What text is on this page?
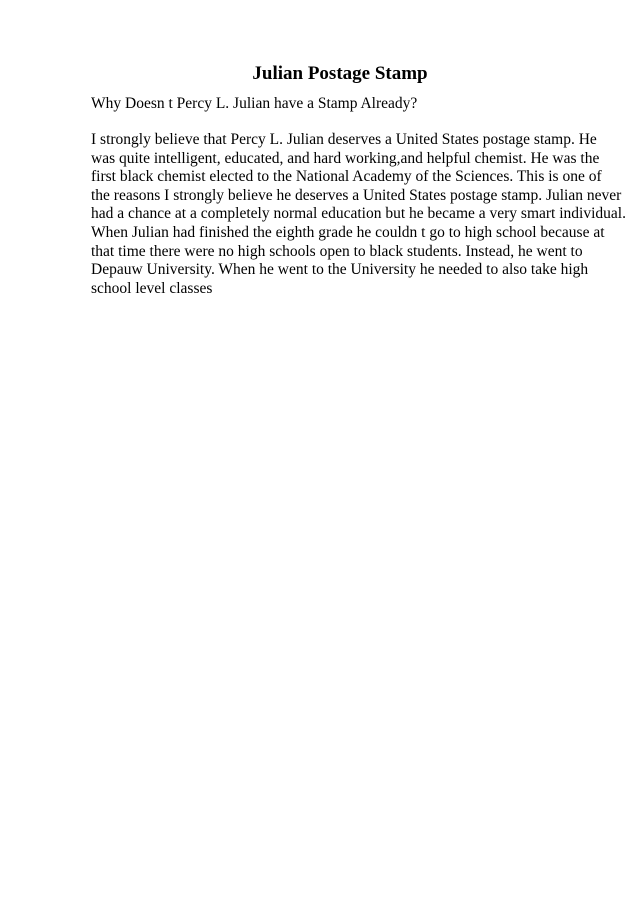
Julian Postage Stamp

Why Doesn t Percy L. Julian have a Stamp Already?

I strongly believe that Percy L. Julian deserves a United States postage stamp. He
was quite intelligent, educated, and hard working,and helpful chemist. He was the
first black chemist elected to the National Academy of the Sciences. This is one of
the reasons I strongly believe he deserves a United States postage stamp. Julian never
had a chance at a completely normal education but he became a very smart individual.
When Julian had finished the eighth grade he couldn t go to high school because at
that time there were no high schools open to black students. Instead, he went to
Depauw University. When he went to the University he needed to also take high
school level classes
